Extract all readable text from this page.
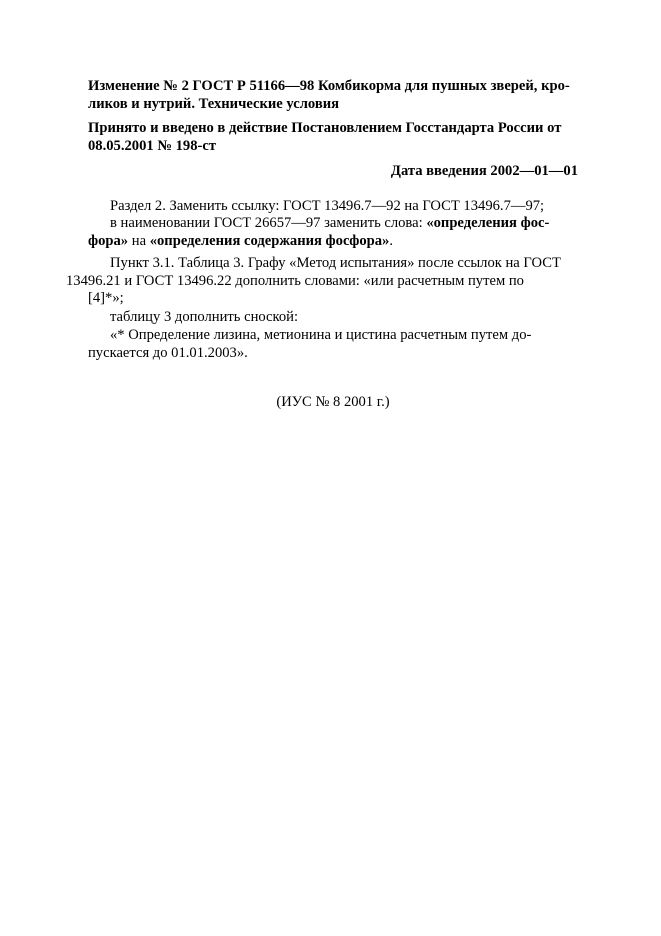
Изменение № 2 ГОСТ Р 51166—98 Комбикорма для пушных зверей, кро-
ликов и нутрий. Технические условия

Принято и введено в действие Постановлением Госстандарта России от
08.05.2001 № 198-ст

Дата введения 2002—01—01

Раздел 2. Заменить ссылку: ГОСТ 13496.7—92 на ГОСТ 13496.7—97;

в наименовании ГОСТ 26657—97 заменить слова: «определения фос-
фора» на «определения содержания фосфора».

Пункт 3.1. Таблица 3. Графу «Метод испытания» после ссылок на ГОСТ
13496.21 и ГОСТ 13496.22 дополнить словами: «или расчетным путем по
[4]*»;

таблицу 3 дополнить сноской:

«* Определение лизина, метионина и цистина расчетным путем до-
пускается до 01.01.2003».

(ИУС № 8 2001 г.)
